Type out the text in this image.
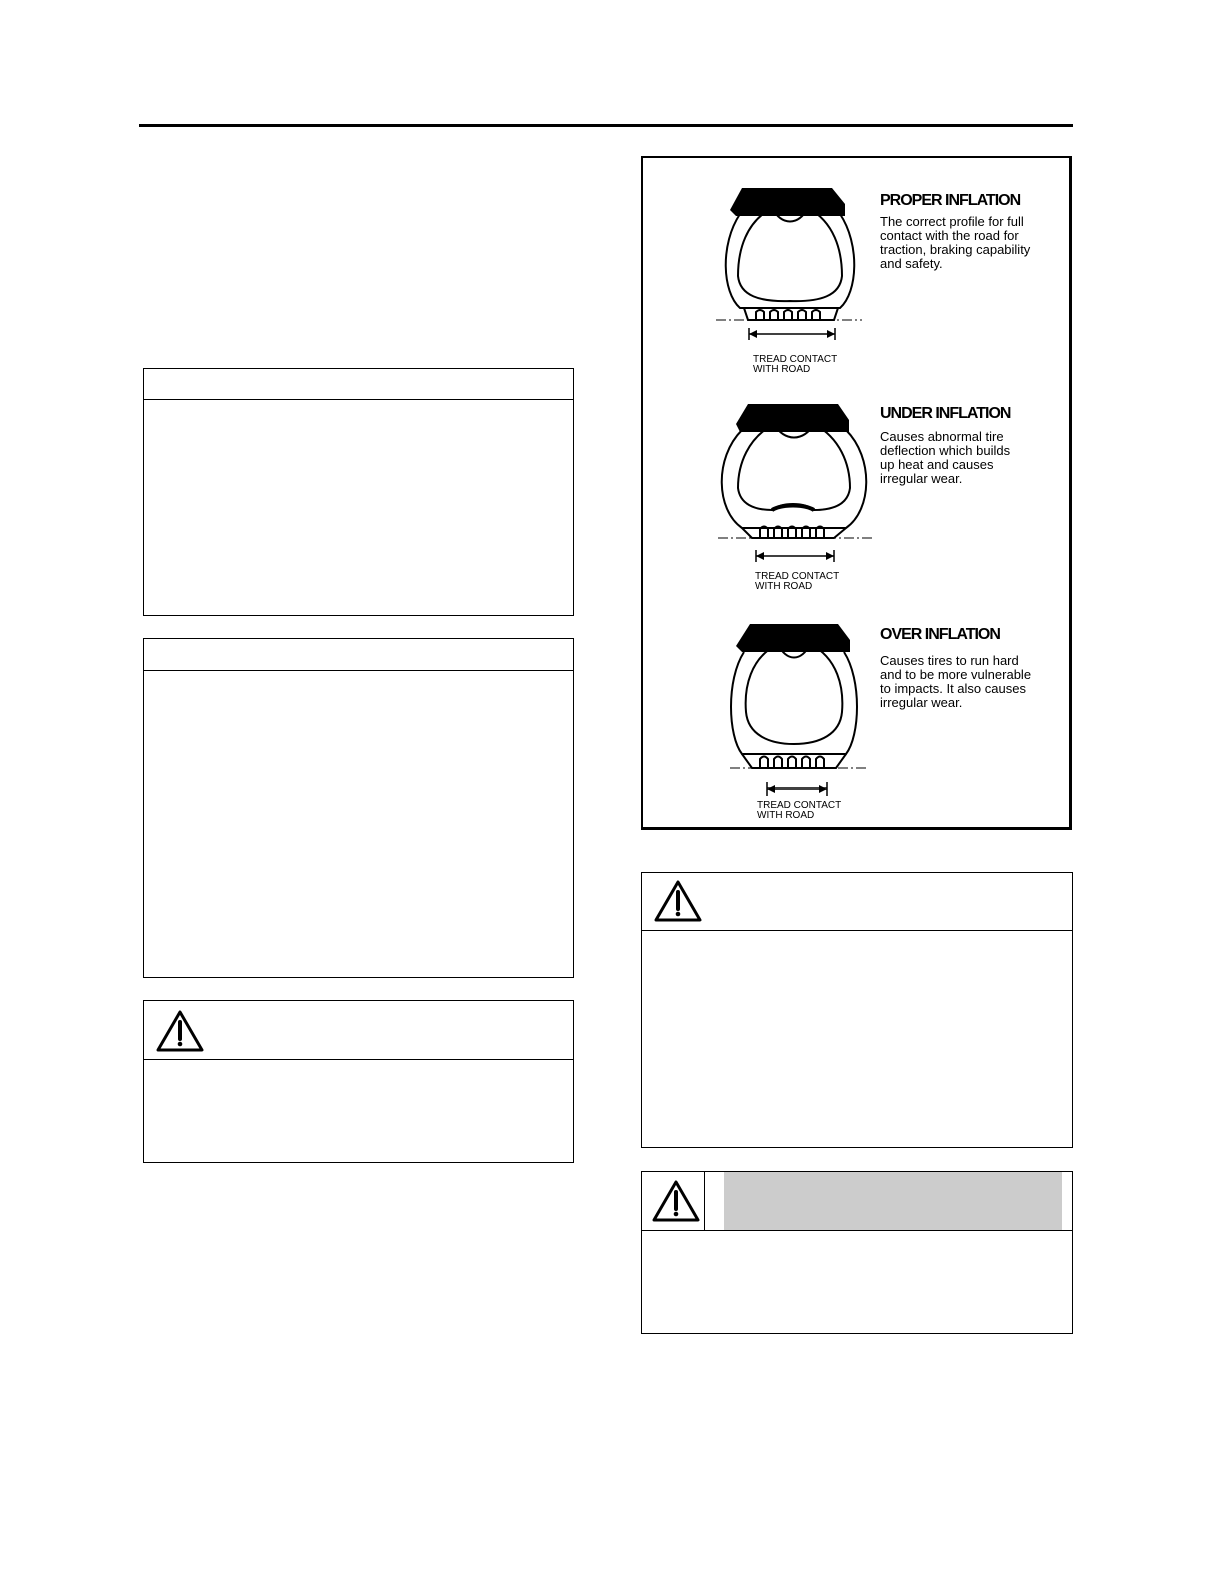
PROPER INFLATION
The correct profile for full
contact with the road for
traction, braking capability
and safety.
TREAD CONTACT
WITH ROAD
UNDER INFLATION
Causes abnormal tire
deflection which builds
up heat and causes
irregular wear.
TREAD CONTACT
WITH ROAD
OVER INFLATION
Causes tires to run hard
and to be more vulnerable
to impacts. It also causes
irregular wear.
TREAD CONTACT
WITH ROAD
